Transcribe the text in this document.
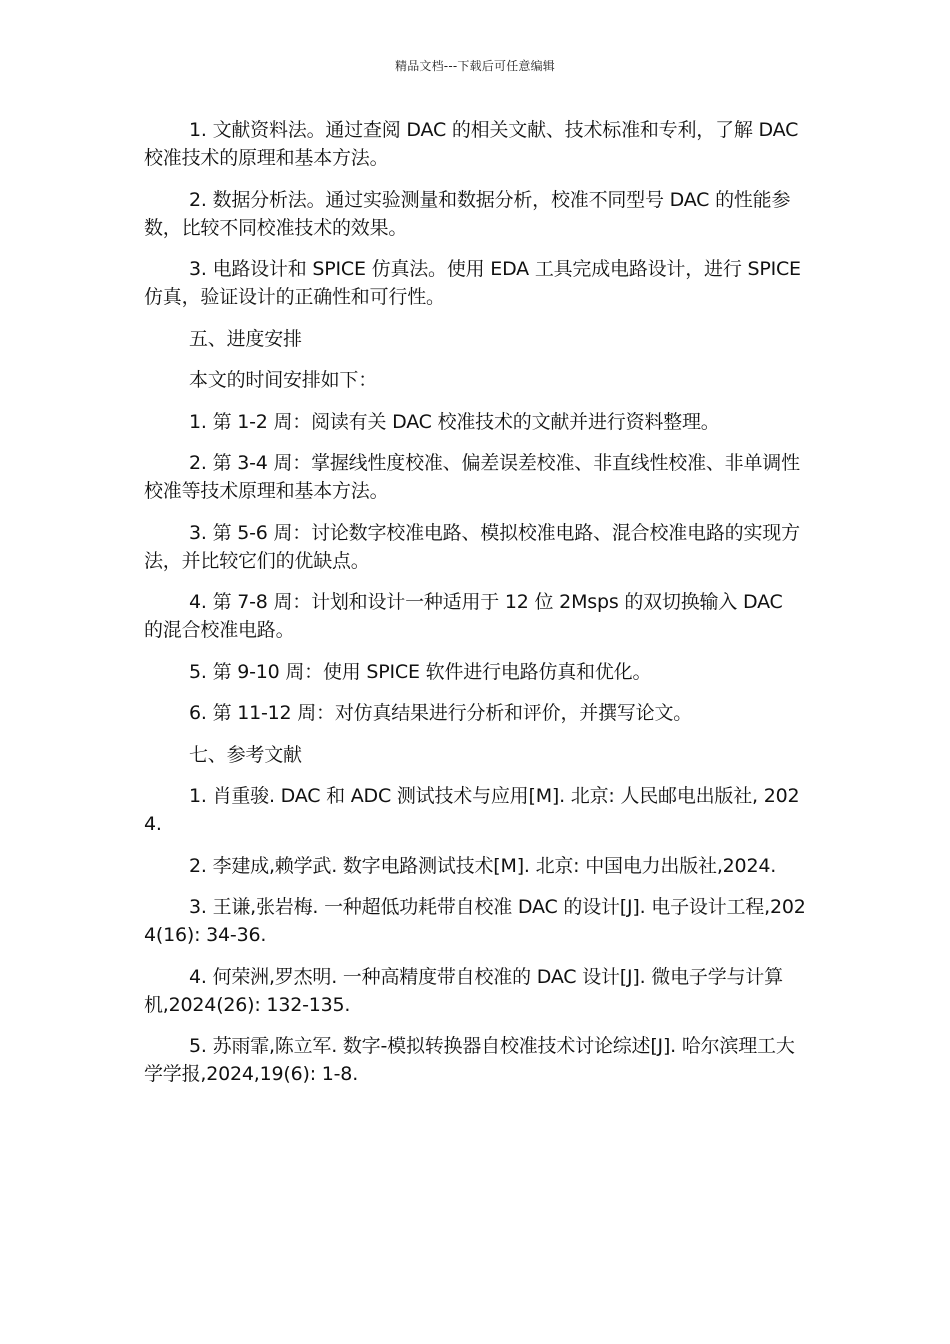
精品文档---下载后可任意编辑

1. 文献资料法。通过查阅 DAC 的相关文献、技术标准和专利，了解 DAC 校准技术的原理和基本方法。

2. 数据分析法。通过实验测量和数据分析，校准不同型号 DAC 的性能参数，比较不同校准技术的效果。

3. 电路设计和 SPICE 仿真法。使用 EDA 工具完成电路设计，进行 SPICE 仿真，验证设计的正确性和可行性。

五、进度安排

本文的时间安排如下：

1. 第 1-2 周：阅读有关 DAC 校准技术的文献并进行资料整理。

2. 第 3-4 周：掌握线性度校准、偏差误差校准、非直线性校准、非单调性校准等技术原理和基本方法。

3. 第 5-6 周：讨论数字校准电路、模拟校准电路、混合校准电路的实现方法，并比较它们的优缺点。

4. 第 7-8 周：计划和设计一种适用于 12 位 2Msps 的双切换输入 DAC 的混合校准电路。

5. 第 9-10 周：使用 SPICE 软件进行电路仿真和优化。

6. 第 11-12 周：对仿真结果进行分析和评价，并撰写论文。

七、参考文献

1. 肖重骏. DAC 和 ADC 测试技术与应用[M]. 北京: 人民邮电出版社, 2024.

2. 李建成,赖学武. 数字电路测试技术[M]. 北京: 中国电力出版社,2024.

3. 王谦,张岩梅. 一种超低功耗带自校准 DAC 的设计[J]. 电子设计工程,2024(16): 34-36.

4. 何荣洲,罗杰明. 一种高精度带自校准的 DAC 设计[J]. 微电子学与计算机,2024(26): 132-135.

5. 苏雨霏,陈立军. 数字-模拟转换器自校准技术讨论综述[J]. 哈尔滨理工大学学报,2024,19(6): 1-8.
